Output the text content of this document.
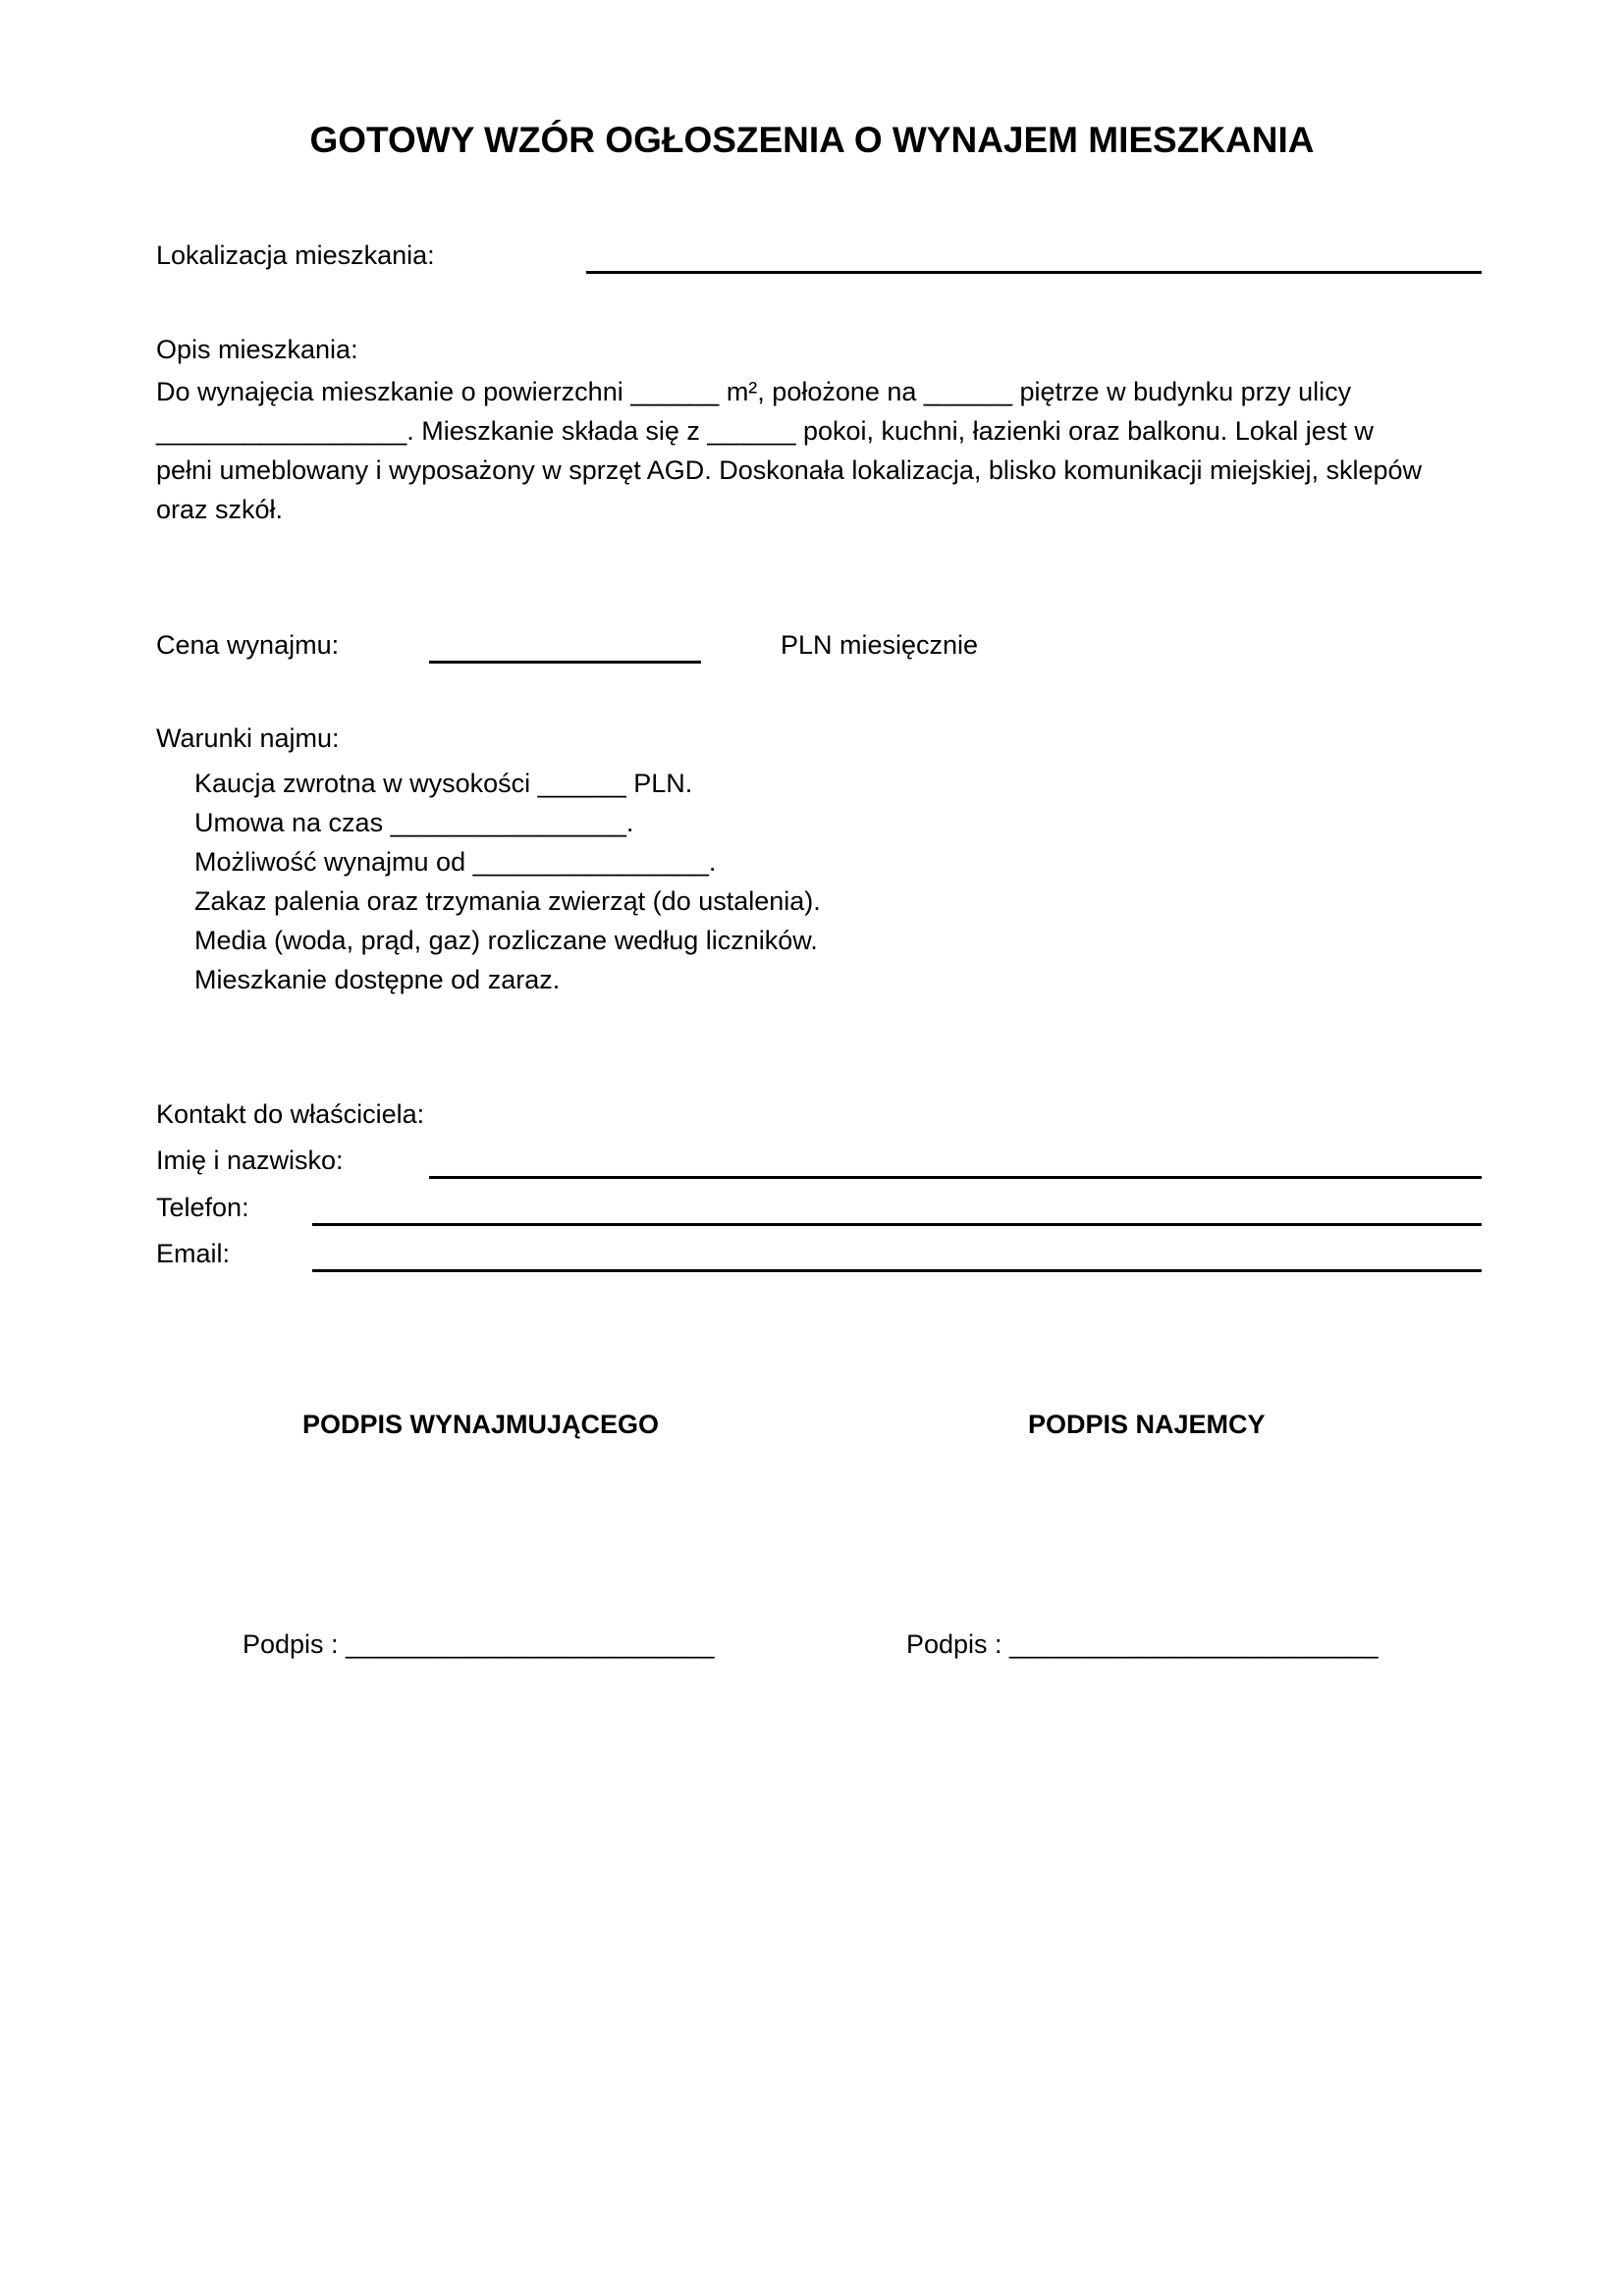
GOTOWY WZÓR OGŁOSZENIA O WYNAJEM MIESZKANIA
Lokalizacja mieszkania:
Opis mieszkania:

Do wynajęcia mieszkanie o powierzchni ______ m², położone na ______ piętrze w budynku przy ulicy

_________________. Mieszkanie składa się z ______ pokoi, kuchni, łazienki oraz balkonu. Lokal jest w

pełni umeblowany i wyposażony w sprzęt AGD. Doskonała lokalizacja, blisko komunikacji miejskiej, sklepów

oraz szkół.

Cena wynajmu:	PLN miesięcznie
Warunki najmu:
Kaucja zwrotna w wysokości ______ PLN.
Umowa na czas ________________.
Możliwość wynajmu od ________________.
Zakaz palenia oraz trzymania zwierząt (do ustalenia).
Media (woda, prąd, gaz) rozliczane według liczników.
Mieszkanie dostępne od zaraz.
Kontakt do właściciela:
Imię i nazwisko:
Telefon:
Email:
PODPIS WYNAJMUJĄCEGO	PODPIS NAJEMCY
Podpis : _________________________	Podpis : _________________________
